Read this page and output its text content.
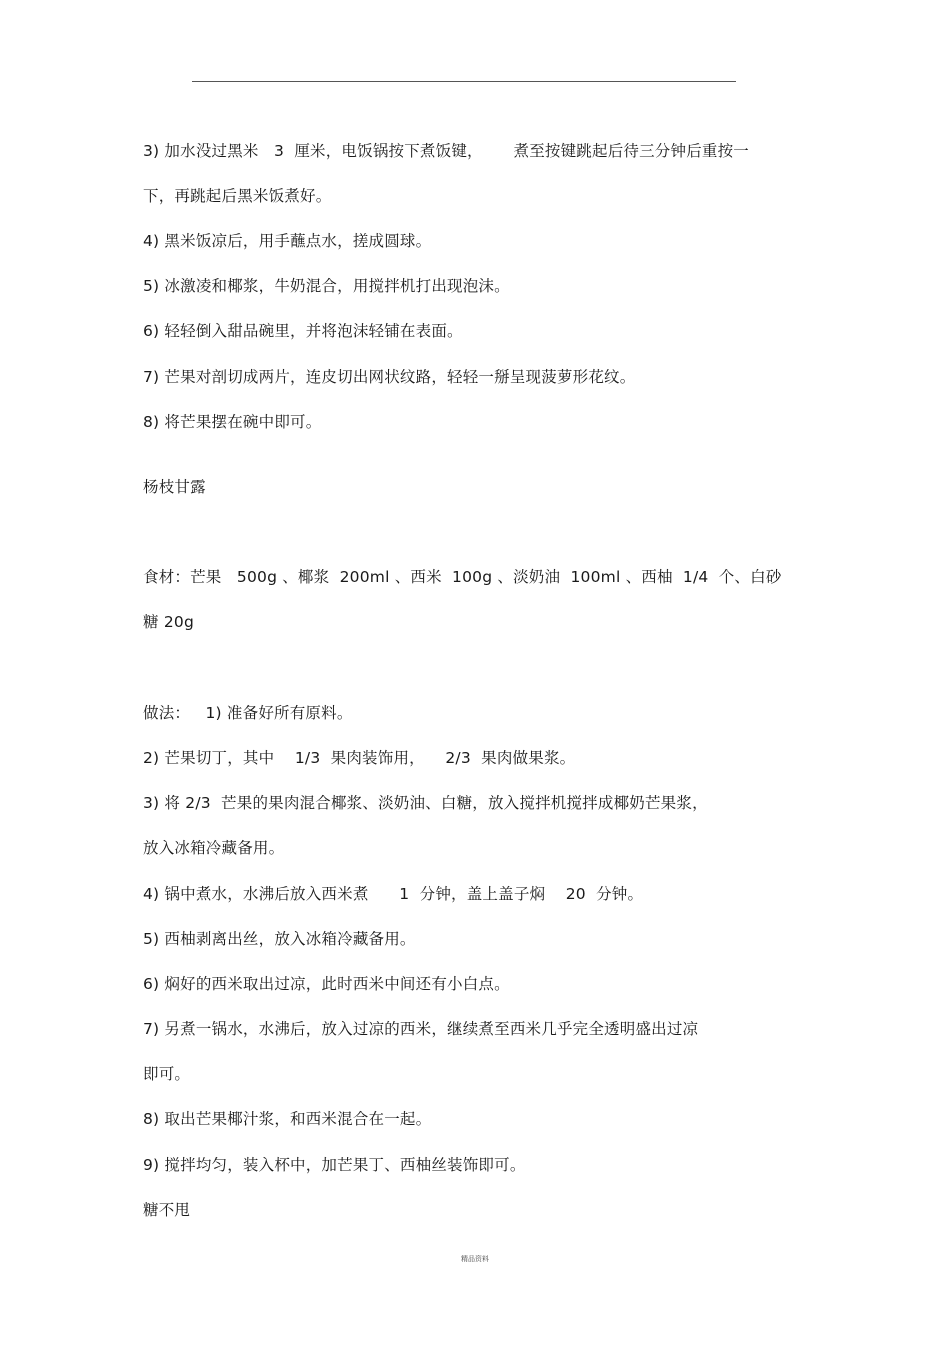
3) 加水没过黑米   3  厘米，电饭锅按下煮饭键，      煮至按键跳起后待三分钟后重按一
下，再跳起后黑米饭煮好。
4) 黑米饭凉后，用手蘸点水，搓成圆球。
5) 冰激凌和椰浆，牛奶混合，用搅拌机打出现泡沫。
6) 轻轻倒入甜品碗里，并将泡沫轻铺在表面。
7) 芒果对剖切成两片，连皮切出网状纹路，轻轻一掰呈现菠萝形花纹。
8) 将芒果摆在碗中即可。
杨枝甘露
食材：芒果   500g 、椰浆  200ml 、西米  100g 、淡奶油  100ml 、西柚  1/4  个、白砂
糖 20g
做法：   1) 准备好所有原料。
2) 芒果切丁，其中    1/3  果肉装饰用，    2/3  果肉做果浆。
3) 将 2/3  芒果的果肉混合椰浆、淡奶油、白糖，放入搅拌机搅拌成椰奶芒果浆，
放入冰箱冷藏备用。
4) 锅中煮水，水沸后放入西米煮      1  分钟，盖上盖子焖    20  分钟。
5) 西柚剥离出丝，放入冰箱冷藏备用。
6) 焖好的西米取出过凉，此时西米中间还有小白点。
7) 另煮一锅水，水沸后，放入过凉的西米，继续煮至西米几乎完全透明盛出过凉
即可。
8) 取出芒果椰汁浆，和西米混合在一起。
9) 搅拌均匀，装入杯中，加芒果丁、西柚丝装饰即可。
糖不甩
精品资料
